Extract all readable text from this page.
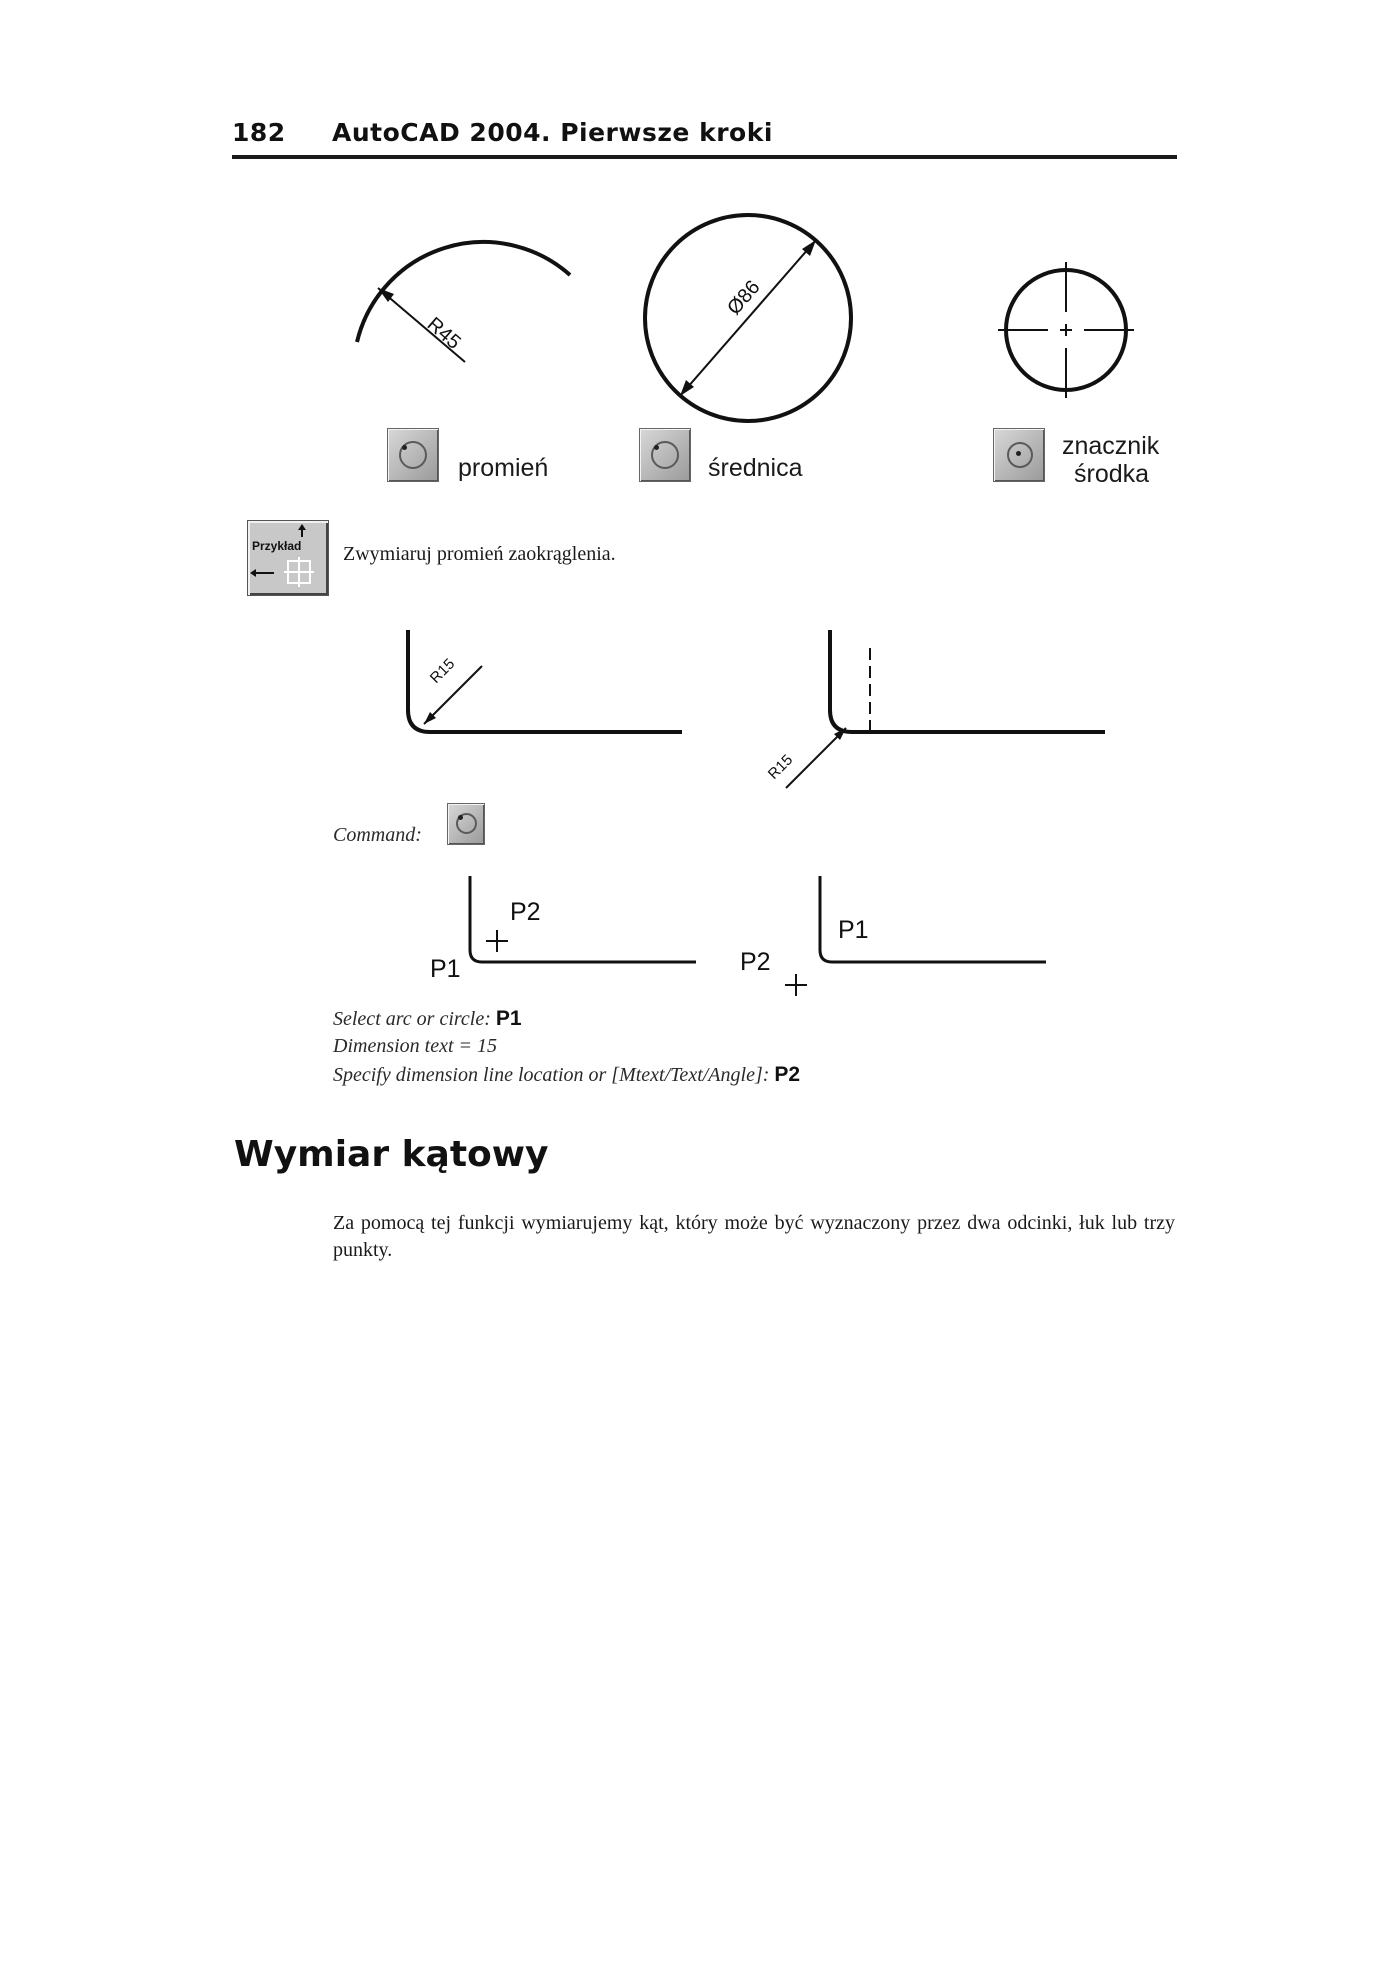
182 AutoCAD 2004. Pierwsze kroki
R45
Ø86
promień	średnica
znacznik
środka
Przykład Zwymiaruj promień zaokrąglenia.
R15
R15
Command:
P2
P1
P1
P2
Select arc or circle: P1
Dimension text = 15
Specify dimension line location or [Mtext/Text/Angle]: P2
Wymiar kątowy
Za pomocą tej funkcji wymiarujemy kąt, który może być wyznaczony przez dwa odcinki, łuk lub trzy punkty.
